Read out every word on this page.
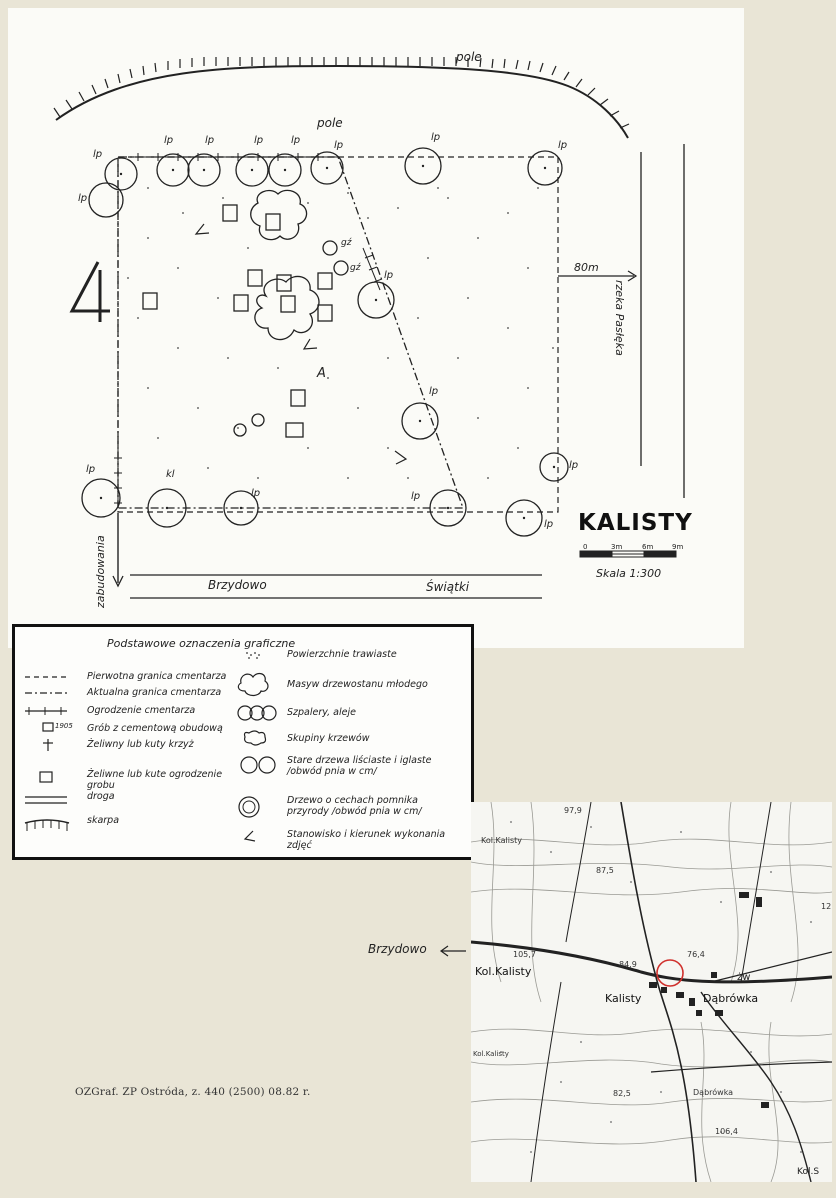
pole
pole
rzeka Pasłęka
80m
Brzydowo	Świątki
zabudowania
lp
lp
lp	lp	lp	lp	lp
lp
lp
lp
gź
gź
lp
lp
lp	kl
lp	lp
lp
A
KALISTY
Skala 1:300
0	3m	6m	9m
Podstawowe oznaczenia graficzne
Pierwotna granica cmentarza
Aktualna granica cmentarza
Ogrodzenie cmentarza
1905 Grób z cementową obudową
Żeliwny lub kuty krzyż
Żeliwne lub kute ogrodzenie grobu
droga
skarpa
Powierzchnie trawiaste
Masyw drzewostanu młodego
Szpalery, aleje
Skupiny krzewów
Stare drzewa liściaste i iglaste /obwód pnia w cm/
Drzewo o cechach pomnika przyrody /obwód pnia w cm/
Stanowisko i kierunek wykonania zdjęć
Brzydowo
97,9
Kol.Kalisty
87,5
105,7
Kol.Kalisty
84,9
76,4
Kalisty	Dąbrówka
żw
Kol.Kalisty
82,5	Dąbrówka
106,4
Kol.S
12
OZGraf. ZP Ostróda, z. 440 (2500) 08.82 r.
